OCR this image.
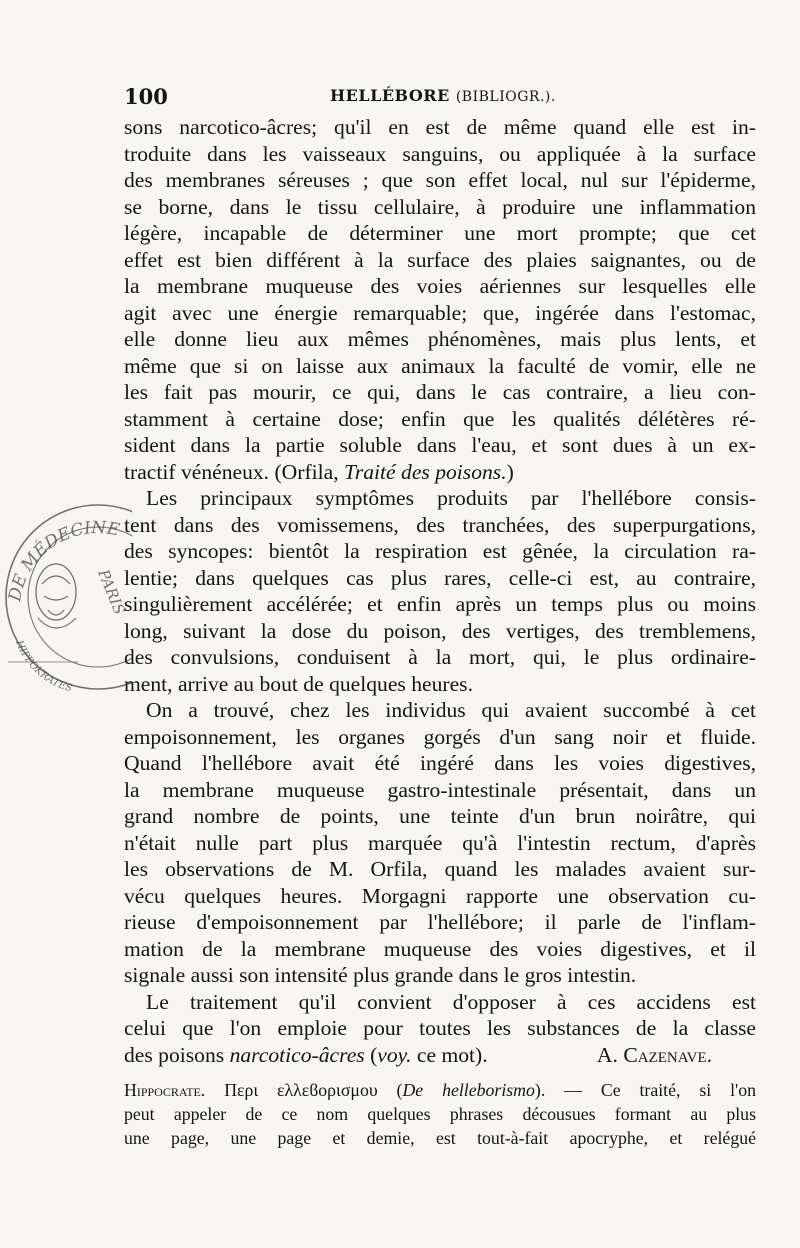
100	HELLÉBORE (BIBLIOGR.).
sons narcotico-âcres; qu'il en est de même quand elle est in-
troduite dans les vaisseaux sanguins, ou appliquée à la surface
des membranes séreuses ; que son effet local, nul sur l'épiderme,
se borne, dans le tissu cellulaire, à produire une inflammation
légère, incapable de déterminer une mort prompte; que cet
effet est bien différent à la surface des plaies saignantes, ou de
la membrane muqueuse des voies aériennes sur lesquelles elle
agit avec une énergie remarquable; que, ingérée dans l'estomac,
elle donne lieu aux mêmes phénomènes, mais plus lents, et
même que si on laisse aux animaux la faculté de vomir, elle ne
les fait pas mourir, ce qui, dans le cas contraire, a lieu con-
stamment à certaine dose; enfin que les qualités délétères ré-
sident dans la partie soluble dans l'eau, et sont dues à un ex-
tractif vénéneux. (Orfila, Traité des poisons.)
Les principaux symptômes produits par l'hellébore consis-
tent dans des vomissemens, des tranchées, des superpurgations,
des syncopes: bientôt la respiration est gênée, la circulation ra-
lentie; dans quelques cas plus rares, celle-ci est, au contraire,
singulièrement accélérée; et enfin après un temps plus ou moins
long, suivant la dose du poison, des vertiges, des tremblemens,
des convulsions, conduisent à la mort, qui, le plus ordinaire-
ment, arrive au bout de quelques heures.
On a trouvé, chez les individus qui avaient succombé à cet
empoisonnement, les organes gorgés d'un sang noir et fluide.
Quand l'hellébore avait été ingéré dans les voies digestives,
la membrane muqueuse gastro-intestinale présentait, dans un
grand nombre de points, une teinte d'un brun noirâtre, qui
n'était nulle part plus marquée qu'à l'intestin rectum, d'après
les observations de M. Orfila, quand les malades avaient sur-
vécu quelques heures. Morgagni rapporte une observation cu-
rieuse d'empoisonnement par l'hellébore; il parle de l'inflam-
mation de la membrane muqueuse des voies digestives, et il
signale aussi son intensité plus grande dans le gros intestin.
Le traitement qu'il convient d'opposer à ces accidens est
celui que l'on emploie pour toutes les substances de la classe
des poisons narcotico-âcres (voy. ce mot).	A. Cazenave.
Hippocrate. Περι ελλεϐορισμου (De helleborismo). — Ce traité, si l'on
peut appeler de ce nom quelques phrases décousues formant au plus
une page, une page et demie, est tout-à-fait apocryphe, et relégué
DE MÉDECINE
PARIS
HIPPOKRATES
